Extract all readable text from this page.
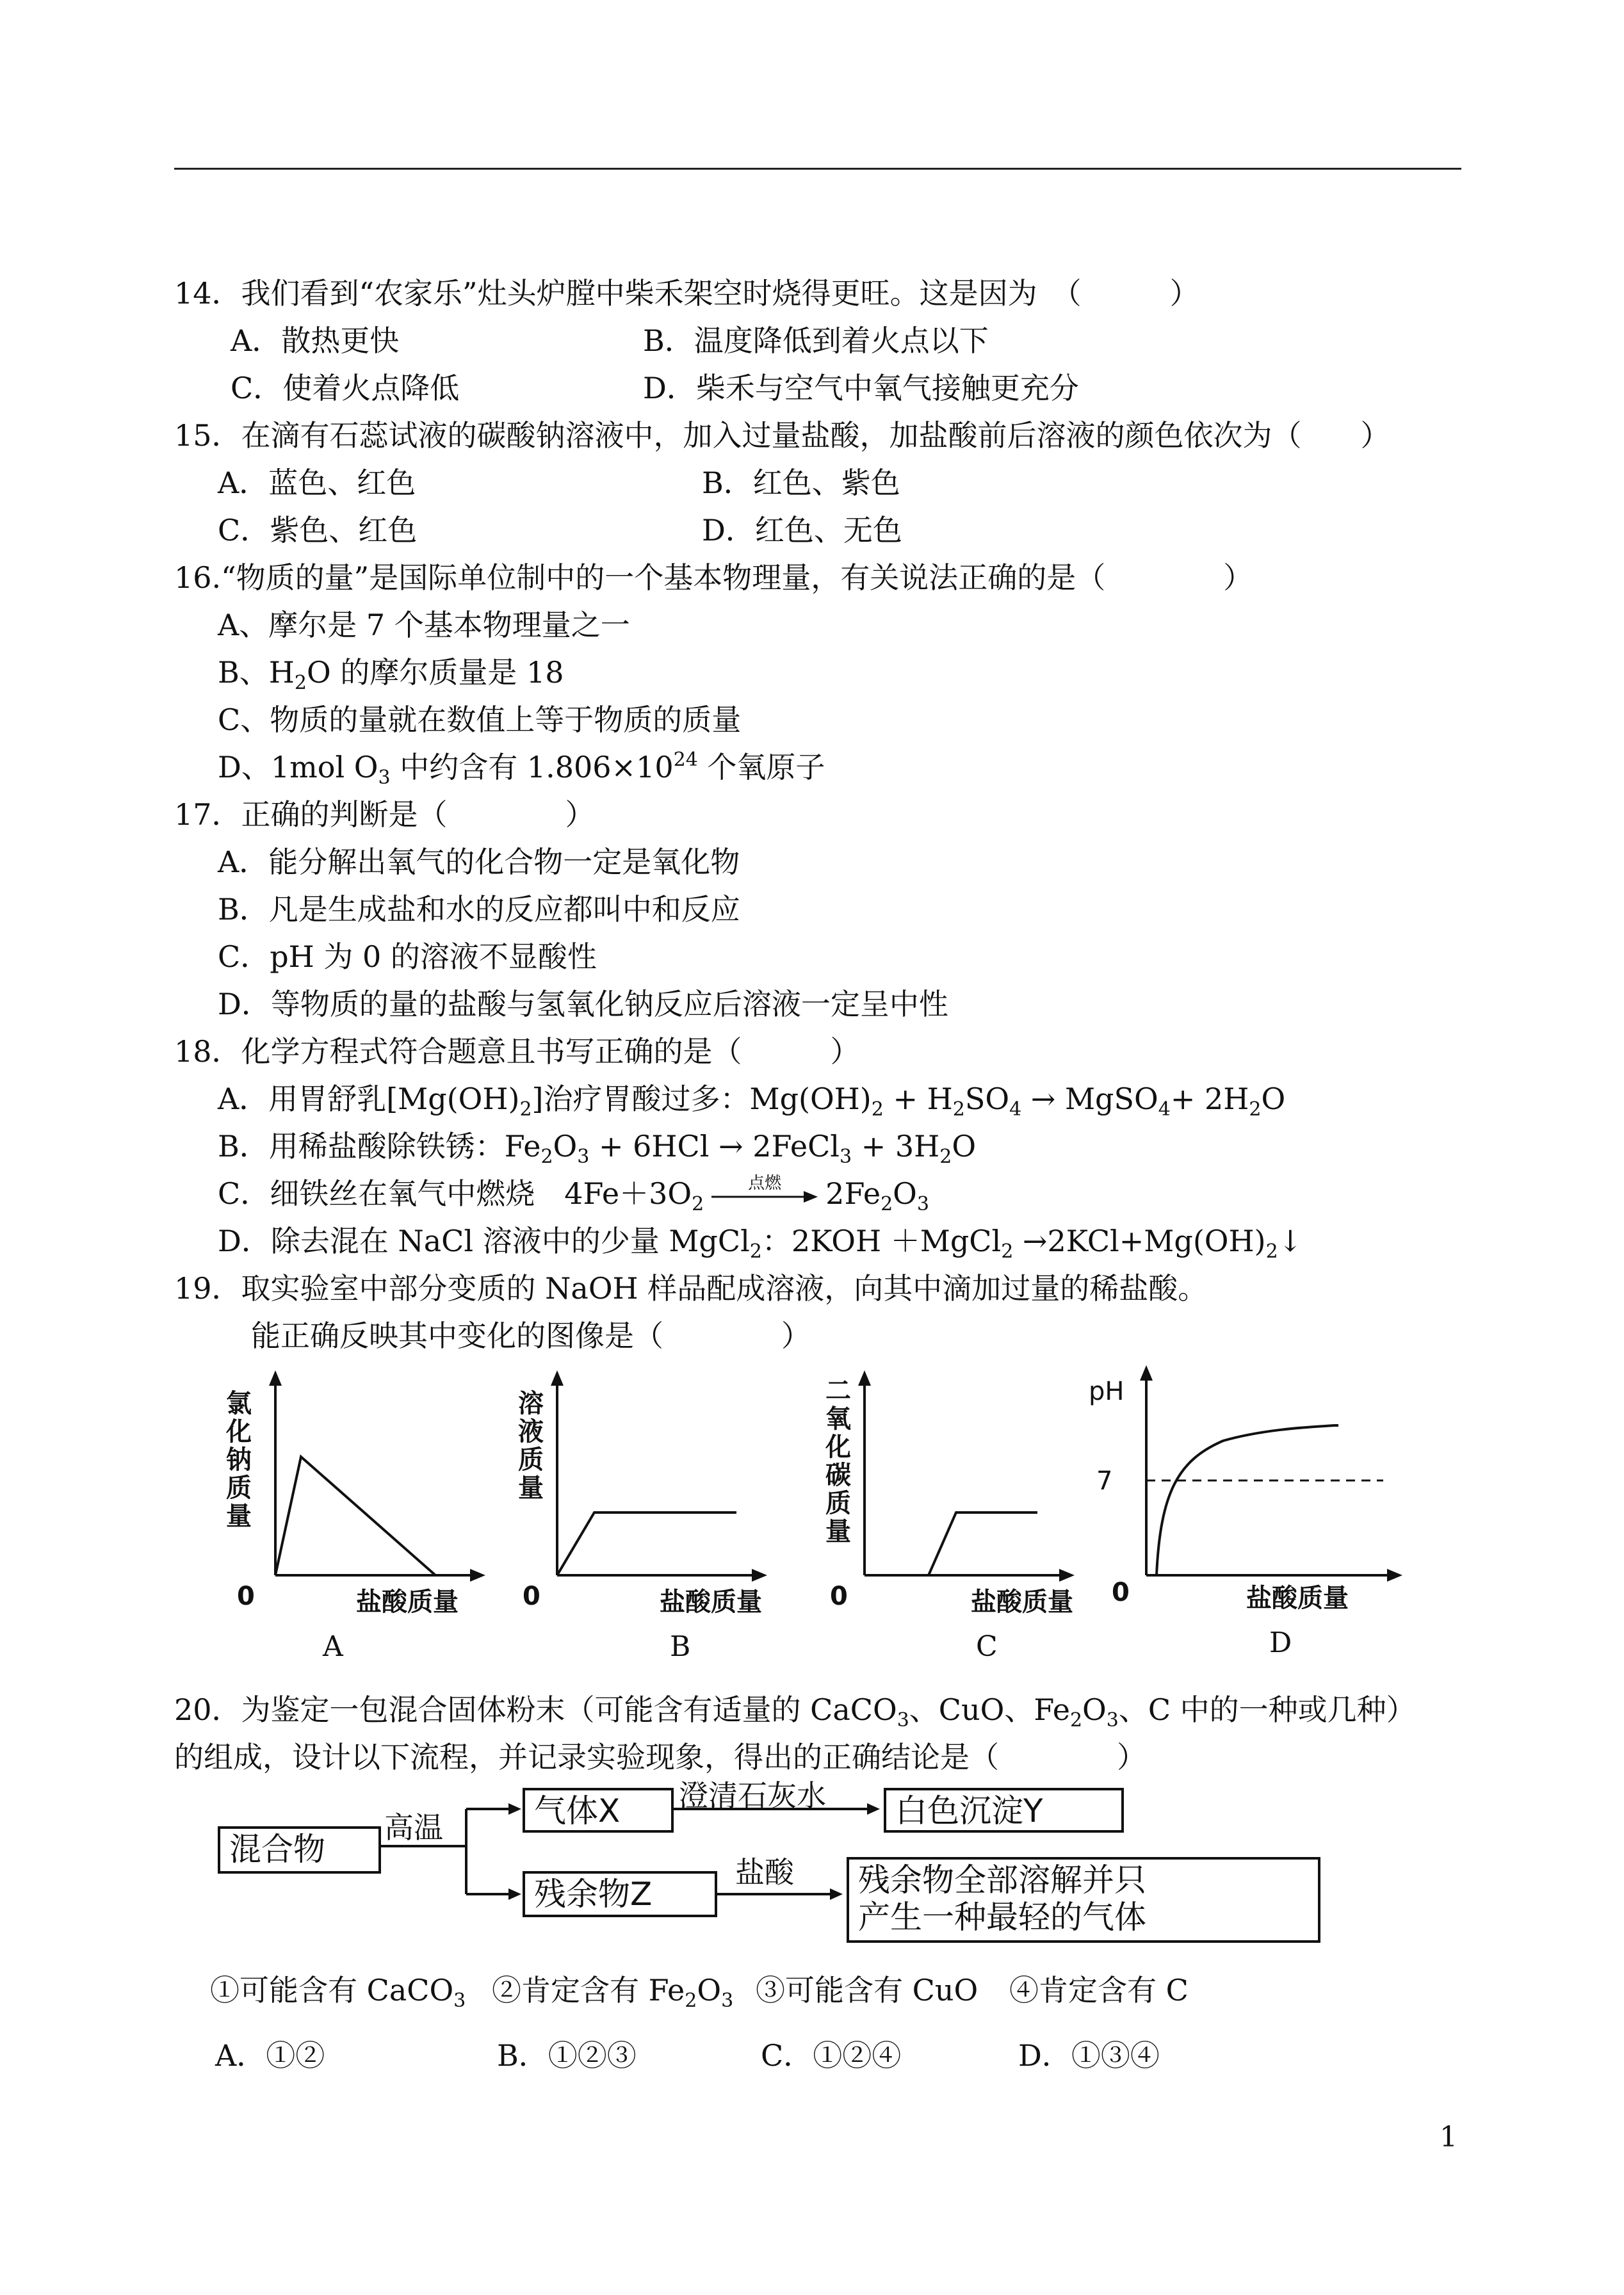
14．我们看到“农家乐”灶头炉膛中柴禾架空时烧得更旺。这是因为　（　　　）
A．散热更快	B．温度降低到着火点以下
C．使着火点降低	D．柴禾与空气中氧气接触更充分
15．在滴有石蕊试液的碳酸钠溶液中，加入过量盐酸，加盐酸前后溶液的颜色依次为（　　）
A．蓝色、红色	B．红色、紫色
C．紫色、红色	D．红色、无色
16.“物质的量”是国际单位制中的一个基本物理量，有关说法正确的是（　　　　）
A、摩尔是 7 个基本物理量之一
B、$H_2O$ 的摩尔质量是 18
C、物质的量就在数值上等于物质的质量
D、1mol $O_3$ 中约含有 $1.806\times 10^{24}$ 个氧原子
17．正确的判断是（　　　　）
A．能分解出氧气的化合物一定是氧化物
B．凡是生成盐和水的反应都叫中和反应
C．pH 为 0 的溶液不显酸性
D．等物质的量的盐酸与氢氧化钠反应后溶液一定呈中性
18．化学方程式符合题意且书写正确的是（　　　）
A．用胃舒乳$[Mg(OH)_2]$治疗胃酸过多：$Mg(OH)_2 + H_2SO_4$ → MgSO$_4$+ $2H_2O$
B．用稀盐酸除铁锈：$Fe_2O_3 + 6HCl$ → 2FeCl$_3$ + $3H_2O$
C．细铁丝在氧气中燃烧　$4Fe+3O_2$
点燃	$2Fe_2O_3$
D．除去混在 NaCl 溶液中的少量 MgCl$_2$：2KOH ＋MgCl$_2$ $\to 2KCl+Mg(OH)_2↓$
19．取实验室中部分变质的 NaOH 样品配成溶液，向其中滴加过量的稀盐酸。
能正确反映其中变化的图像是（　　　　）
氯化钠质量
0	盐酸质量
A
溶液质量
0	盐酸质量
B
二氧化碳质量
0	盐酸质量
C
pH
7
0	盐酸质量
D
20．为鉴定一包混合固体粉末（可能含有适量的 CaCO$_3$、CuO、$Fe_2O_3$、C 中的一种或几种）
的组成，设计以下流程，并记录实验现象，得出的正确结论是（　　　　）
混合物
高温	气体X	澄清石灰水	白色沉淀Y
残余物Z
盐酸 残余物全部溶解并只
产生一种最轻的气体
①可能含有 CaCO$_3$ ②肯定含有 $Fe_2O_3$ ③可能含有 CuO ④肯定含有 C
A．①②	B．①②③	C．①②④	D．①③④
1
